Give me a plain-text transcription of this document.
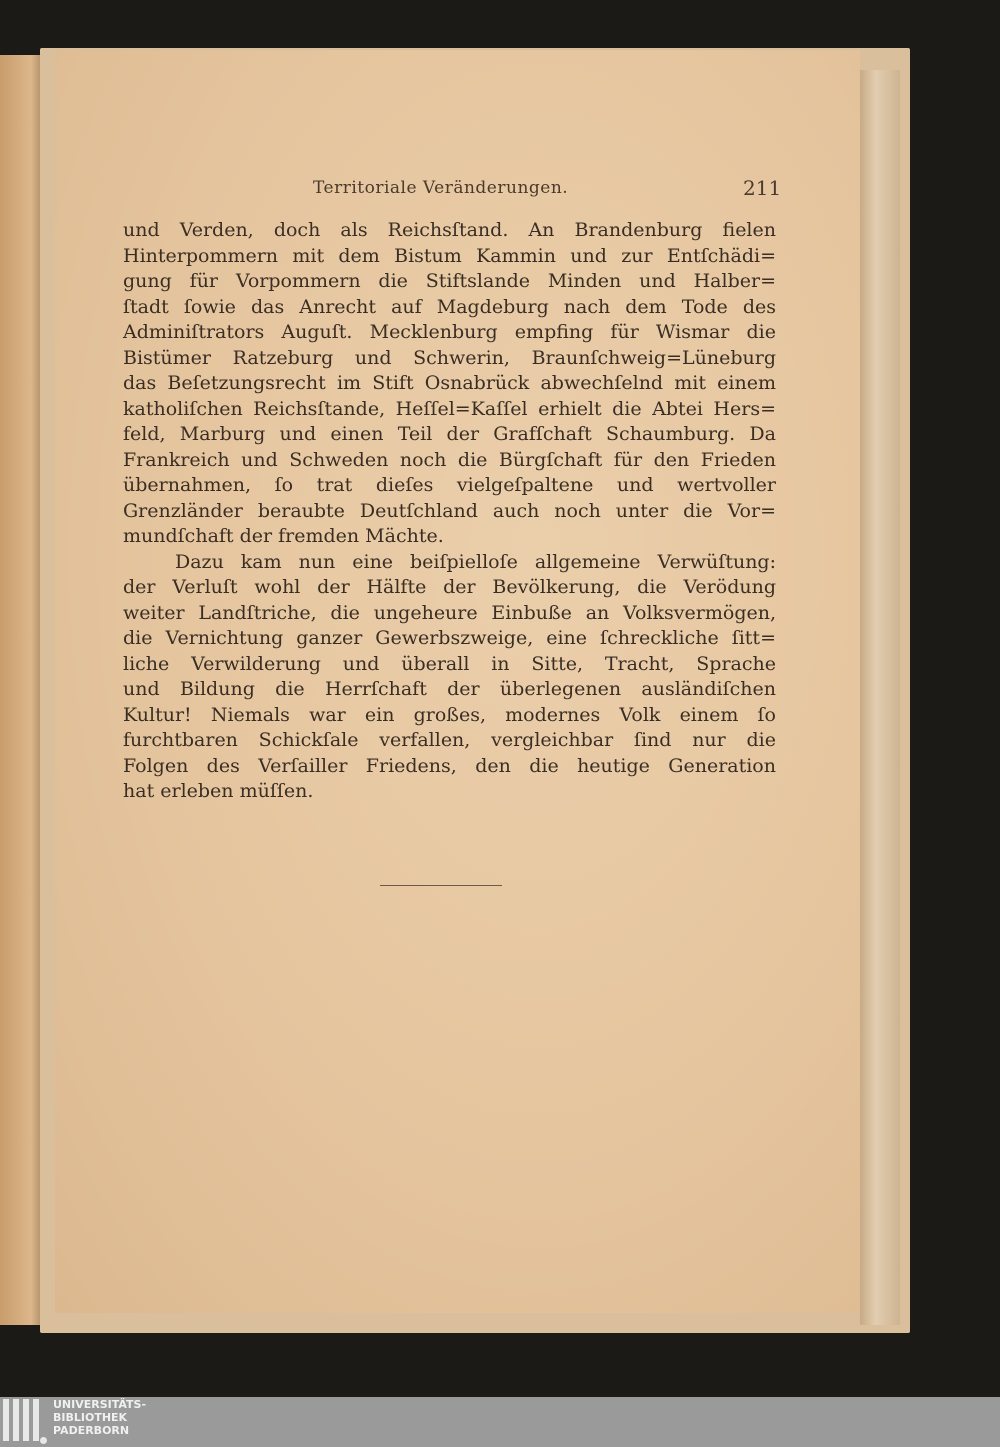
Territoriale Veränderungen.	211
und Verden, doch als Reichsſtand. An Brandenburg fielen
Hinterpommern mit dem Bistum Kammin und zur Entſchädi=
gung für Vorpommern die Stiftslande Minden und Halber=
ſtadt ſowie das Anrecht auf Magdeburg nach dem Tode des
Adminiſtrators Auguſt. Mecklenburg empfing für Wismar die
Bistümer Ratzeburg und Schwerin, Braunſchweig=Lüneburg
das Beſetzungsrecht im Stift Osnabrück abwechſelnd mit einem
katholiſchen Reichsſtande, Heſſel=Kaſſel erhielt die Abtei Hers=
feld, Marburg und einen Teil der Grafſchaft Schaumburg. Da
Frankreich und Schweden noch die Bürgſchaft für den Frieden
übernahmen, ſo trat dieſes vielgeſpaltene und wertvoller
Grenzländer beraubte Deutſchland auch noch unter die Vor=
mundſchaft der fremden Mächte.
Dazu kam nun eine beiſpielloſe allgemeine Verwüſtung:
der Verluſt wohl der Hälfte der Bevölkerung, die Verödung
weiter Landſtriche, die ungeheure Einbuße an Volksvermögen,
die Vernichtung ganzer Gewerbszweige, eine ſchreckliche ſitt=
liche Verwilderung und überall in Sitte, Tracht, Sprache
und Bildung die Herrſchaft der überlegenen ausländiſchen
Kultur! Niemals war ein großes, modernes Volk einem ſo
furchtbaren Schickſale verfallen, vergleichbar ſind nur die
Folgen des Verſailler Friedens, den die heutige Generation
hat erleben müſſen.
UNIVERSITÄTS-
BIBLIOTHEK
PADERBORN
